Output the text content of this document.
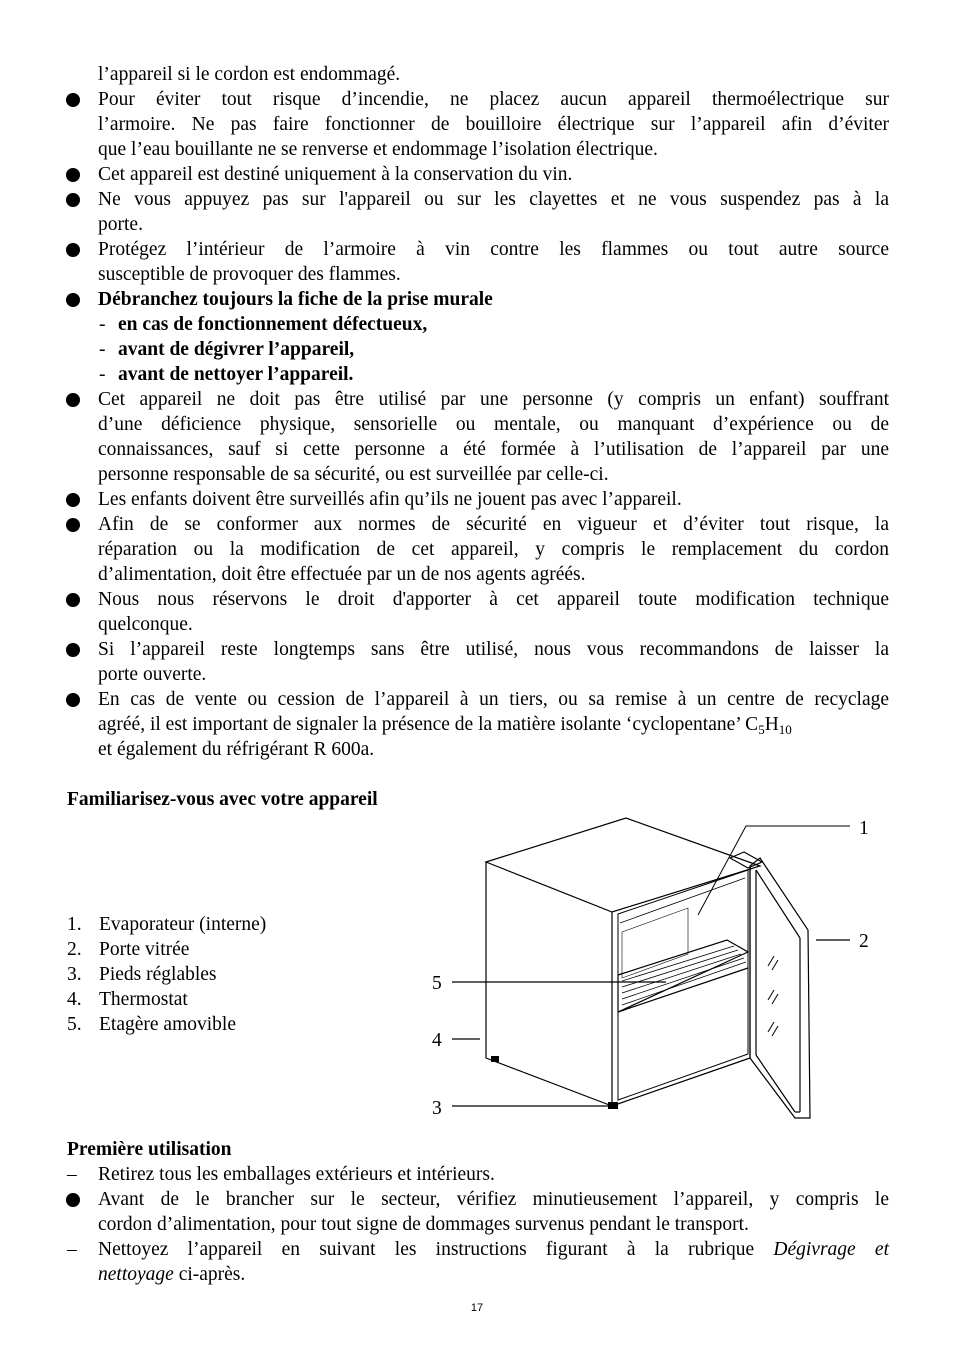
l’appareil si le cordon est endommagé.
Pour éviter tout risque d’incendie, ne placez aucun appareil thermoélectrique sur
l’armoire. Ne pas faire fonctionner de bouilloire électrique sur l’appareil afin d’éviter
que l’eau bouillante ne se renverse et endommage l’isolation électrique.
Cet appareil est destiné uniquement à la conservation du vin.
Ne vous appuyez pas sur l'appareil ou sur les clayettes et ne vous suspendez pas à la
porte.
Protégez l’intérieur de l’armoire à vin contre les flammes ou tout autre source
susceptible de provoquer des flammes.
Débranchez toujours la fiche de la prise murale
- en cas de fonctionnement défectueux,
- avant de dégivrer l’appareil,
- avant de nettoyer l’appareil.
Cet appareil ne doit pas être utilisé par une personne (y compris un enfant) souffrant
d’une déficience physique, sensorielle ou mentale, ou manquant d’expérience ou de
connaissances, sauf si cette personne a été formée à l’utilisation de l’appareil par une
personne responsable de sa sécurité, ou est surveillée par celle-ci.
Les enfants doivent être surveillés afin qu’ils ne jouent pas avec l’appareil.
Afin de se conformer aux normes de sécurité en vigueur et d’éviter tout risque, la
réparation ou la modification de cet appareil, y compris le remplacement du cordon
d’alimentation, doit être effectuée par un de nos agents agréés.
Nous nous réservons le droit d'apporter à cet appareil toute modification technique
quelconque.
Si l’appareil reste longtemps sans être utilisé, nous vous recommandons de laisser la
porte ouverte.
En cas de vente ou cession de l’appareil à un tiers, ou sa remise à un centre de recyclage
agréé, il est important de signaler la présence de la matière isolante ‘cyclopentane’ $C_5H_{10}$
et également du réfrigérant R 600a.
Familiarisez-vous avec votre appareil
1. Evaporateur (interne)
2. Porte vitrée
3. Pieds réglables
4. Thermostat
5. Etagère amovible
1
2
3
4
5
Première utilisation
– Retirez tous les emballages extérieurs et intérieurs.
Avant de le brancher sur le secteur, vérifiez minutieusement l’appareil, y compris le
cordon d’alimentation, pour tout signe de dommages survenus pendant le transport.
– Nettoyez l’appareil en suivant les instructions figurant à la rubrique Dégivrage et
nettoyage ci-après.
17
